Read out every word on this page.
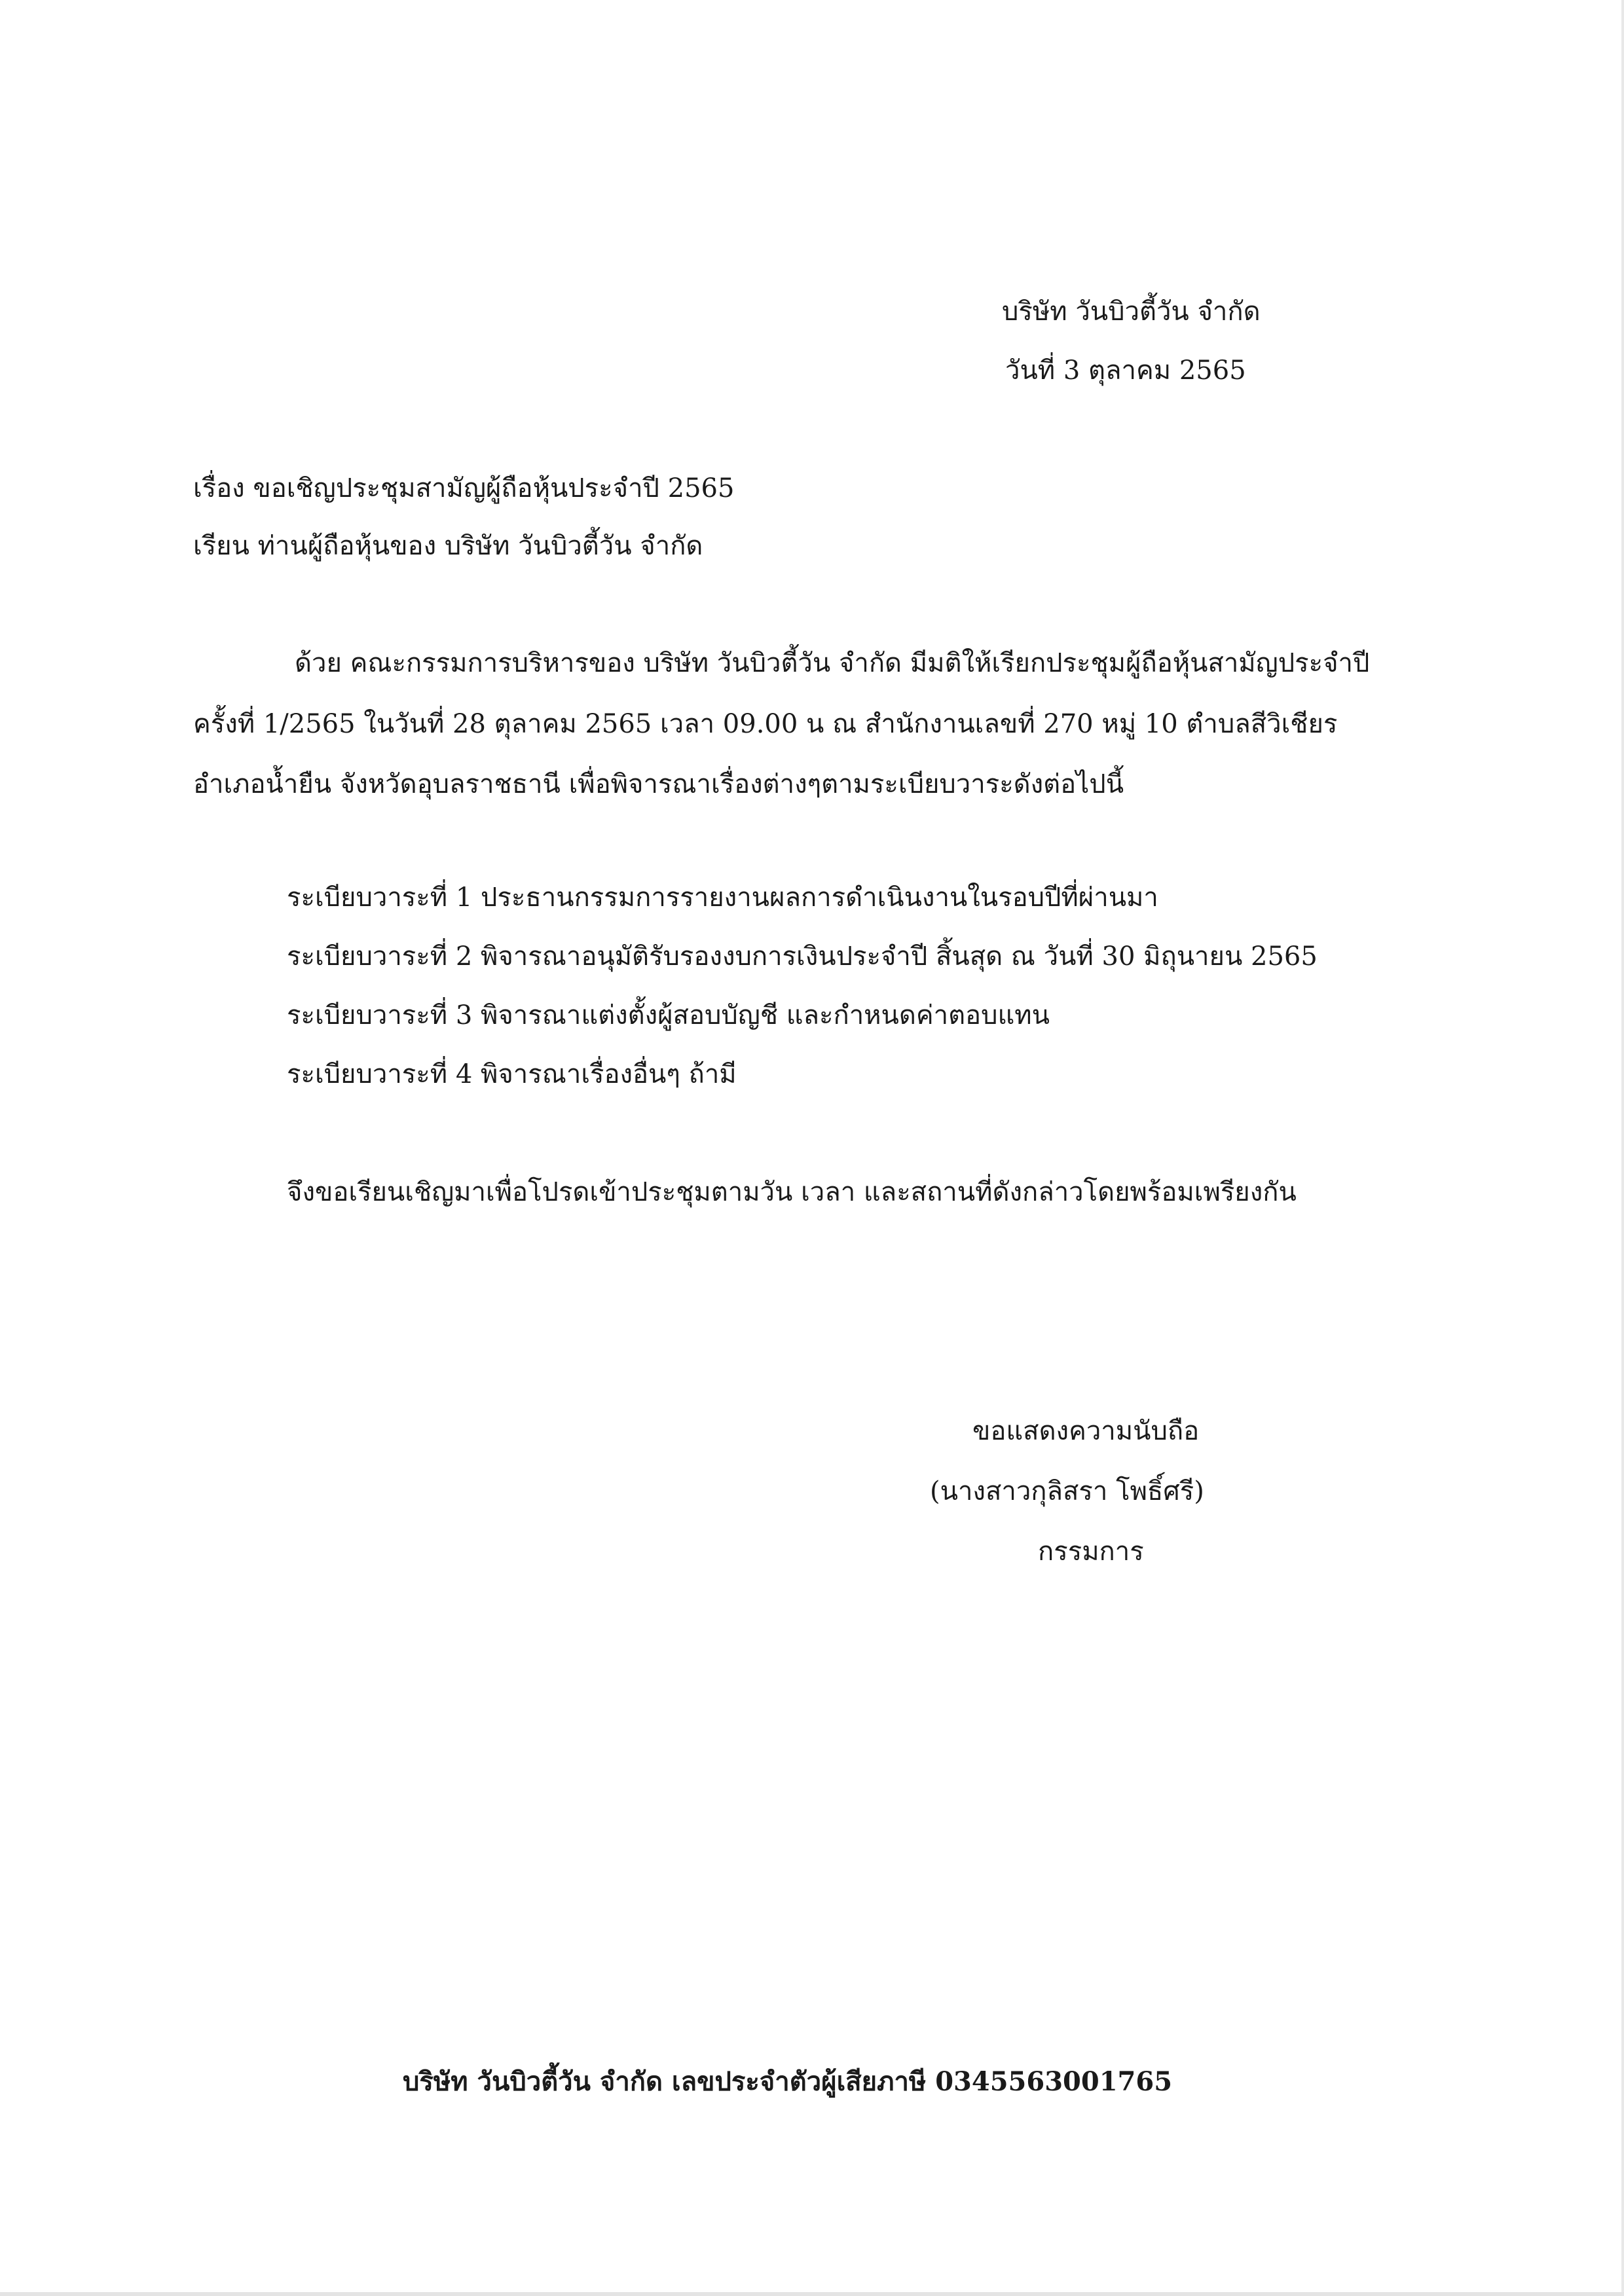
บริษัท วันบิวตี้วัน จำกัด
วันที่ 3 ตุลาคม 2565
เรื่อง ขอเชิญประชุมสามัญผู้ถือหุ้นประจำปี 2565
เรียน ท่านผู้ถือหุ้นของ บริษัท วันบิวตี้วัน จำกัด
ด้วย คณะกรรมการบริหารของ บริษัท วันบิวตี้วัน จำกัด มีมติให้เรียกประชุมผู้ถือหุ้นสามัญประจำปี
ครั้งที่ 1/2565 ในวันที่ 28 ตุลาคม 2565 เวลา 09.00 น ณ สำนักงานเลขที่ 270 หมู่ 10 ตำบลสีวิเชียร
อำเภอน้ำยืน จังหวัดอุบลราชธานี เพื่อพิจารณาเรื่องต่างๆตามระเบียบวาระดังต่อไปนี้
ระเบียบวาระที่ 1 ประธานกรรมการรายงานผลการดำเนินงานในรอบปีที่ผ่านมา
ระเบียบวาระที่ 2 พิจารณาอนุมัติรับรองงบการเงินประจำปี สิ้นสุด ณ วันที่ 30 มิถุนายน 2565
ระเบียบวาระที่ 3 พิจารณาแต่งตั้งผู้สอบบัญชี และกำหนดค่าตอบแทน
ระเบียบวาระที่ 4 พิจารณาเรื่องอื่นๆ ถ้ามี
จึงขอเรียนเชิญมาเพื่อโปรดเข้าประชุมตามวัน เวลา และสถานที่ดังกล่าวโดยพร้อมเพรียงกัน
ขอแสดงความนับถือ
(นางสาวกุลิสรา โพธิ์ศรี)
กรรมการ
บริษัท วันบิวตี้วัน จำกัด เลขประจำตัวผู้เสียภาษี 0345563001765
